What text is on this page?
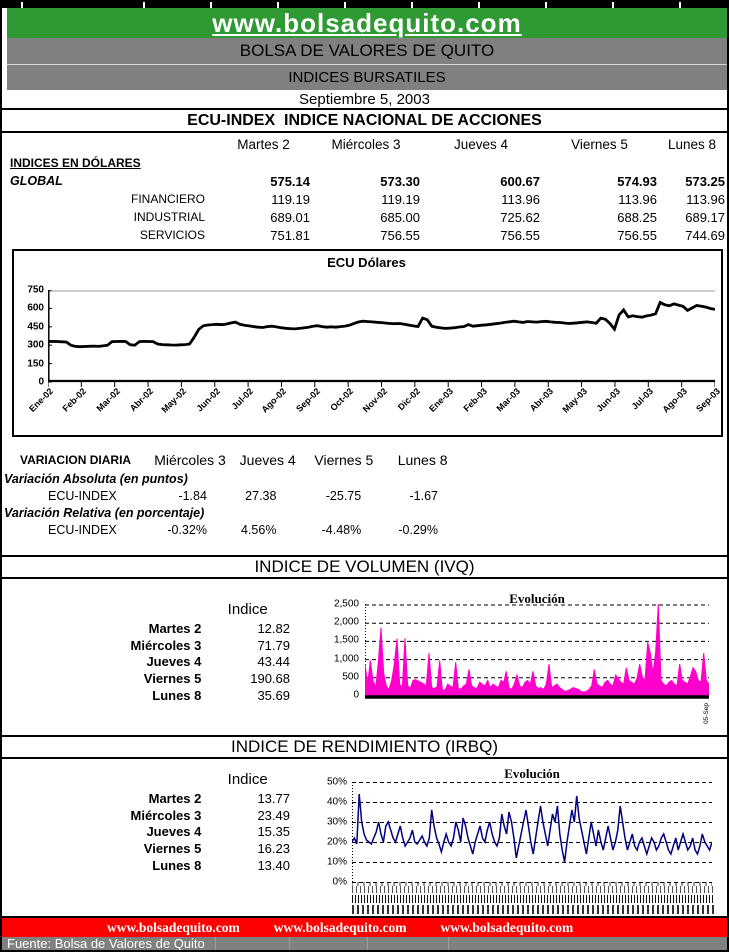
www.bolsadequito.com
BOLSA DE VALORES DE QUITO
INDICES BURSATILES
Septiembre 5, 2003
ECU-INDEX  INDICE NACIONAL DE ACCIONES
	Martes 2	Miércoles 3	Jueves 4	Viernes 5	Lunes 8
INDICES EN DÓLARES					
GLOBAL	575.14	573.30	600.67	574.93	573.25
FINANCIERO	119.19	119.19	113.96	113.96	113.96
INDUSTRIAL	689.01	685.00	725.62	688.25	689.17
SERVICIOS	751.81	756.55	756.55	756.55	744.69
ECU Dólares
750
600
450
300
150
0
Ene-02 Feb-02 Mar-02 Abr-02 May-02 Jun-02 Jul-02 Ago-02 Sep-02 Oct-02 Nov-02 Dic-02 Ene-03 Feb-03 Mar-03 Abr-03 May-03 Jun-03 Jul-03 Ago-03 Sep-03
VARIACION DIARIA	Miércoles 3	Jueves 4	Viernes 5	Lunes 8
Variación Absoluta (en puntos)				
ECU-INDEX	-1.84	27.38	-25.75	-1.67
Variación Relativa (en porcentaje)				
ECU-INDEX	-0.32%	4.56%	-4.48%	-0.29%
INDICE DE VOLUMEN (IVQ)
	Indice
Martes 2	12.82
Miércoles 3	71.79
Jueves 4	43.44
Viernes 5	190.68
Lunes 8	35.69
Evolución
2,500
2,000
1,500
1,000
500
0
05-Sep
INDICE DE RENDIMIENTO (IRBQ)
	Indice
Martes 2	13.77
Miércoles 3	23.49
Jueves 4	15.35
Viernes 5	16.23
Lunes 8	13.40
Evolución
50%
40%
30%
20%
10%
0%
www.bolsadequito.com	www.bolsadequito.com	www.bolsadequito.com
Fuente: Bolsa de Valores de Quito
